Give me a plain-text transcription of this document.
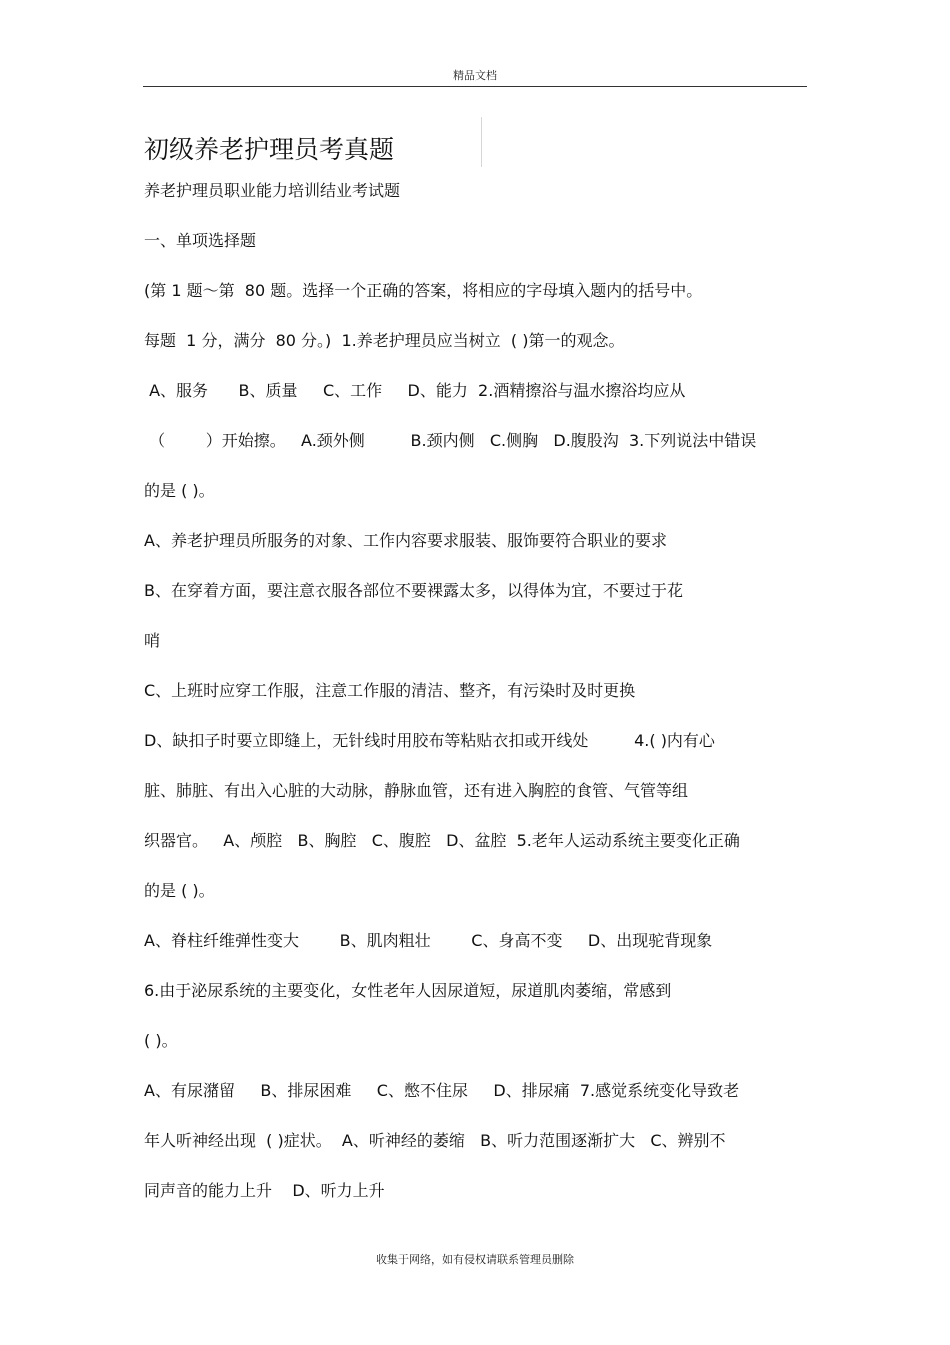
精品文档
初级养老护理员考真题
养老护理员职业能力培训结业考试题
一、单项选择题
(第 1 题～第  80 题。选择一个正确的答案，将相应的字母填入题内的括号中。
每题  1 分，满分  80 分。)  1.养老护理员应当树立  ( )第一的观念。
A、服务      B、质量     C、工作     D、能力  2.酒精擦浴与温水擦浴均应从
（        ）开始擦。   A.颈外侧         B.颈内侧   C.侧胸   D.腹股沟  3.下列说法中错误
的是 ( )。
A、养老护理员所服务的对象、工作内容要求服装、服饰要符合职业的要求
B、在穿着方面，要注意衣服各部位不要裸露太多，以得体为宜，不要过于花
哨
C、上班时应穿工作服，注意工作服的清洁、整齐，有污染时及时更换
D、缺扣子时要立即缝上，无针线时用胶布等粘贴衣扣或开线处         4.( )内有心
脏、肺脏、有出入心脏的大动脉，静脉血管，还有进入胸腔的食管、气管等组
织器官。   A、颅腔   B、胸腔   C、腹腔   D、盆腔  5.老年人运动系统主要变化正确
的是 ( )。
A、脊柱纤维弹性变大        B、肌肉粗壮        C、身高不变     D、出现驼背现象
6.由于泌尿系统的主要变化，女性老年人因尿道短，尿道肌肉萎缩，常感到
( )。
A、有尿潴留     B、排尿困难     C、憋不住尿     D、排尿痛  7.感觉系统变化导致老
年人听神经出现  ( )症状。  A、听神经的萎缩   B、听力范围逐渐扩大   C、辨别不
同声音的能力上升    D、听力上升
收集于网络，如有侵权请联系管理员删除
